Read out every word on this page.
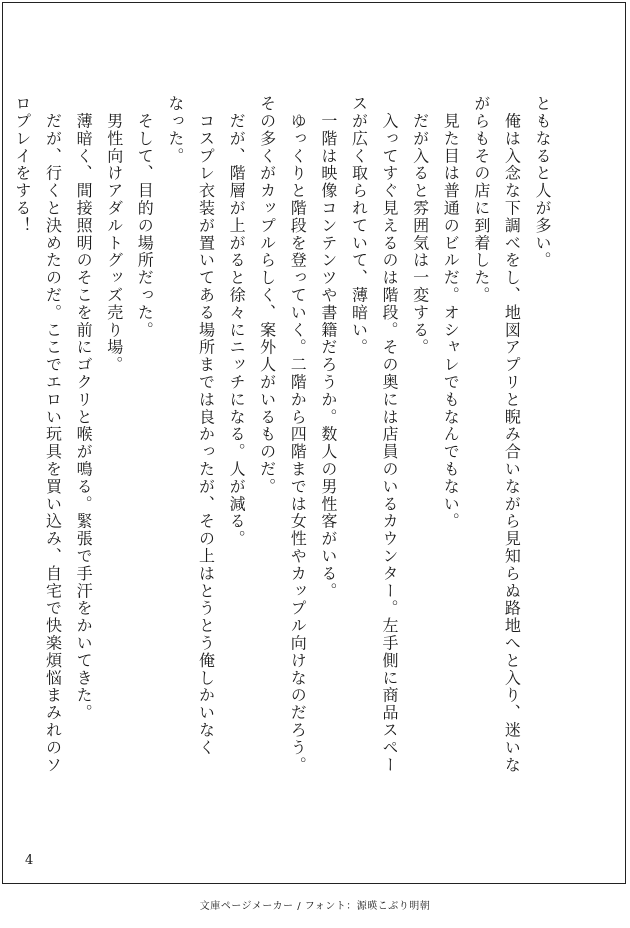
ともなると人が多い。

　俺は入念な下調べをし、地図アプリと睨み合いながら見知らぬ路地へと入り、迷いな

がらもその店に到着した。

　見た目は普通のビルだ。オシャレでもなんでもない。

　だが入ると雰囲気は一変する。

　入ってすぐ見えるのは階段。その奥には店員のいるカウンター。左手側に商品スペー

スが広く取られていて、薄暗い。

　一階は映像コンテンツや書籍だろうか。数人の男性客がいる。

　ゆっくりと階段を登っていく。二階から四階までは女性やカップル向けなのだろう。

その多くがカップルらしく、案外人がいるものだ。

　だが、階層が上がると徐々にニッチになる。人が減る。

　コスプレ衣装が置いてある場所までは良かったが、その上はとうとう俺しかいなく

なった。

　そして、目的の場所だった。

　男性向けアダルトグッズ売り場。

　薄暗く、間接照明のそこを前にゴクリと喉が鳴る。緊張で手汗をかいてきた。

　だが、行くと決めたのだ。ここでエロい玩具を買い込み、自宅で快楽煩悩まみれのソ

ロプレイをする！

4
文庫ページメーカー / フォント：源暎こぶり明朝
